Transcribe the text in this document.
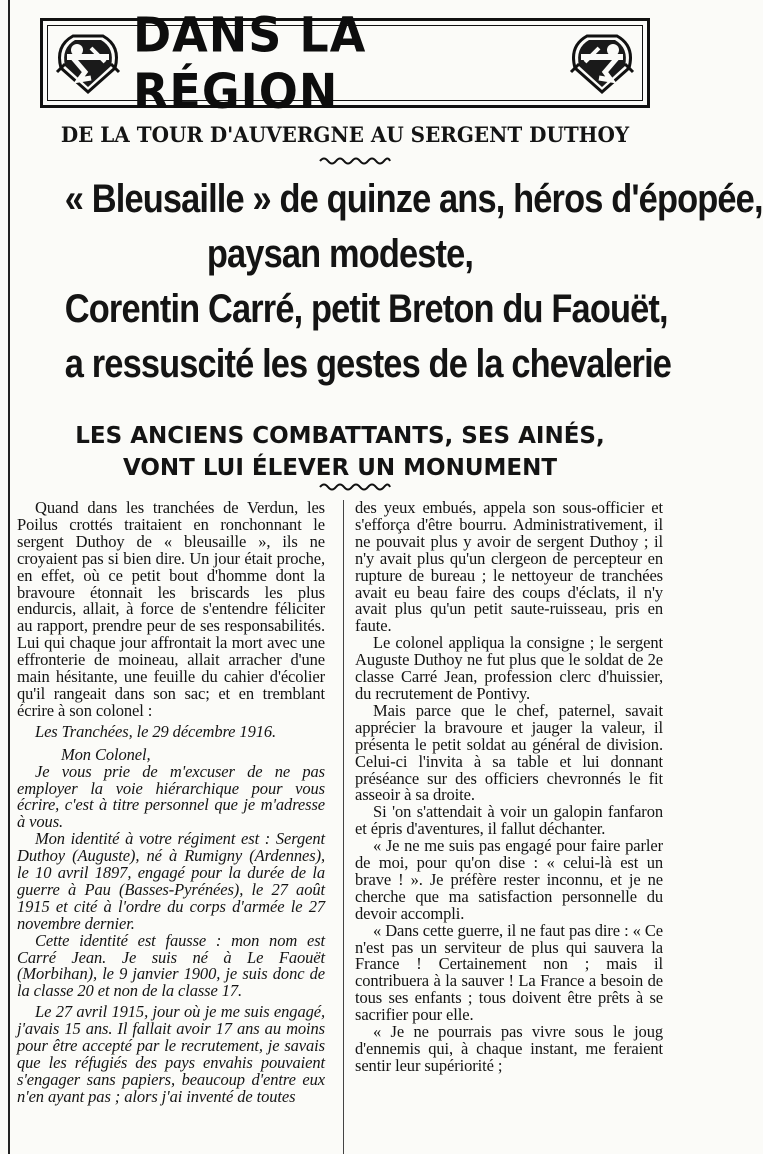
DANS LA RÉGION
DE LA TOUR D'AUVERGNE AU SERGENT DUTHOY
« Bleusaille » de quinze ans, héros d'épopée,
paysan modeste,
Corentin Carré, petit Breton du Faouët,
a ressuscité les gestes de la chevalerie
LES ANCIENS COMBATTANTS, SES AINÉS,
VONT LUI ÉLEVER UN MONUMENT

Quand dans les tranchées de Verdun, les Poilus crottés traitaient en ronchonnant le sergent Duthoy de « bleusaille », ils ne croyaient pas si bien dire. Un jour était proche, en effet, où ce petit bout d'homme dont la bravoure étonnait les briscards les plus endurcis, allait, à force de s'entendre féliciter au rapport, prendre peur de ses responsabilités. Lui qui chaque jour affrontait la mort avec une effronterie de moineau, allait arracher d'une main hésitante, une feuille du cahier d'écolier qu'il rangeait dans son sac; et en tremblant écrire à son colonel :

Les Tranchées, le 29 décembre 1916.

Mon Colonel,

Je vous prie de m'excuser de ne pas employer la voie hiérarchique pour vous écrire, c'est à titre personnel que je m'adresse à vous.

Mon identité à votre régiment est : Sergent Duthoy (Auguste), né à Rumigny (Ardennes), le 10 avril 1897, engagé pour la durée de la guerre à Pau (Basses-Pyrénées), le 27 août 1915 et cité à l'ordre du corps d'armée le 27 novembre dernier.

Cette identité est fausse : mon nom est Carré Jean. Je suis né à Le Faouët (Morbihan), le 9 janvier 1900, je suis donc de la classe 20 et non de la classe 17.

Le 27 avril 1915, jour où je me suis engagé, j'avais 15 ans. Il fallait avoir 17 ans au moins pour être accepté par le recrutement, je savais que les réfugiés des pays envahis pouvaient s'engager sans papiers, beaucoup d'entre eux n'en ayant pas ; alors j'ai inventé de toutes

des yeux embués, appela son sous-officier et s'efforça d'être bourru. Administrativement, il ne pouvait plus y avoir de sergent Duthoy ; il n'y avait plus qu'un clergeon de percepteur en rupture de bureau ; le nettoyeur de tranchées avait eu beau faire des coups d'éclats, il n'y avait plus qu'un petit saute-ruisseau, pris en faute.

Le colonel appliqua la consigne ; le sergent Auguste Duthoy ne fut plus que le soldat de 2e classe Carré Jean, profession clerc d'huissier, du recrutement de Pontivy.

Mais parce que le chef, paternel, savait apprécier la bravoure et jauger la valeur, il présenta le petit soldat au général de division. Celui-ci l'invita à sa table et lui donnant préséance sur des officiers chevronnés le fit asseoir à sa droite.

Si 'on s'attendait à voir un galopin fanfaron et épris d'aventures, il fallut déchanter.

« Je ne me suis pas engagé pour faire parler de moi, pour qu'on dise : « celui-là est un brave ! ». Je préfère rester inconnu, et je ne cherche que ma satisfaction personnelle du devoir accompli.

« Dans cette guerre, il ne faut pas dire : « Ce n'est pas un serviteur de plus qui sauvera la France ! Certainement non ; mais il contribuera à la sauver ! La France a besoin de tous ses enfants ; tous doivent être prêts à se sacrifier pour elle.

« Je ne pourrais pas vivre sous le joug d'ennemis qui, à chaque instant, me feraient sentir leur supériorité ;
